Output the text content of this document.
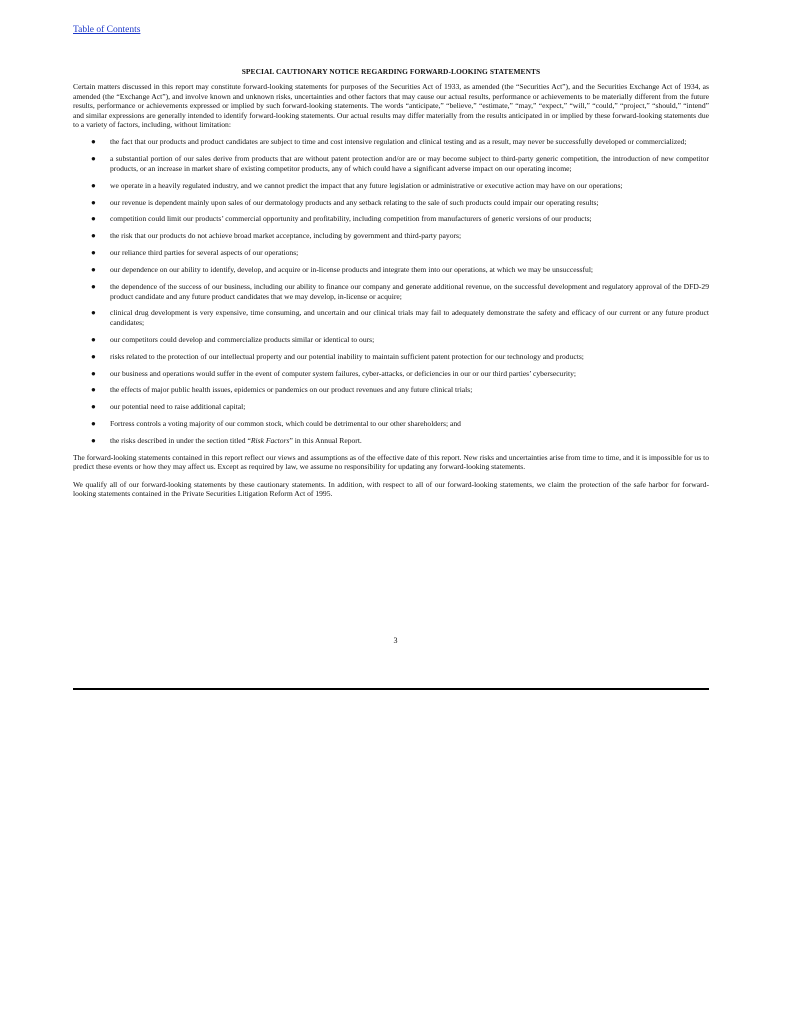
Table of Contents

SPECIAL CAUTIONARY NOTICE REGARDING FORWARD-LOOKING STATEMENTS

Certain matters discussed in this report may constitute forward-looking statements for purposes of the Securities Act of 1933, as amended (the “Securities Act”), and the Securities Exchange Act of 1934, as amended (the “Exchange Act”), and involve known and unknown risks, uncertainties and other factors that may cause our actual results, performance or achievements to be materially different from the future results, performance or achievements expressed or implied by such forward-looking statements. The words “anticipate,” “believe,” “estimate,” “may,” “expect,” “will,” “could,” “project,” “should,” “intend” and similar expressions are generally intended to identify forward-looking statements. Our actual results may differ materially from the results anticipated in or implied by these forward-looking statements due to a variety of factors, including, without limitation:

● the fact that our products and product candidates are subject to time and cost intensive regulation and clinical testing and as a result, may never be successfully developed or commercialized;
● a substantial portion of our sales derive from products that are without patent protection and/or are or may become subject to third-party generic competition, the introduction of new competitor products, or an increase in market share of existing competitor products, any of which could have a significant adverse impact on our operating income;
● we operate in a heavily regulated industry, and we cannot predict the impact that any future legislation or administrative or executive action may have on our operations;
● our revenue is dependent mainly upon sales of our dermatology products and any setback relating to the sale of such products could impair our operating results;
● competition could limit our products’ commercial opportunity and profitability, including competition from manufacturers of generic versions of our products;
● the risk that our products do not achieve broad market acceptance, including by government and third-party payors;
● our reliance third parties for several aspects of our operations;
● our dependence on our ability to identify, develop, and acquire or in-license products and integrate them into our operations, at which we may be unsuccessful;
● the dependence of the success of our business, including our ability to finance our company and generate additional revenue, on the successful development and regulatory approval of the DFD-29 product candidate and any future product candidates that we may develop, in-license or acquire;
● clinical drug development is very expensive, time consuming, and uncertain and our clinical trials may fail to adequately demonstrate the safety and efficacy of our current or any future product candidates;
● our competitors could develop and commercialize products similar or identical to ours;
● risks related to the protection of our intellectual property and our potential inability to maintain sufficient patent protection for our technology and products;
● our business and operations would suffer in the event of computer system failures, cyber-attacks, or deficiencies in our or our third parties’ cybersecurity;
● the effects of major public health issues, epidemics or pandemics on our product revenues and any future clinical trials;
● our potential need to raise additional capital;
● Fortress controls a voting majority of our common stock, which could be detrimental to our other shareholders; and
● the risks described in under the section titled “Risk Factors” in this Annual Report.

The forward-looking statements contained in this report reflect our views and assumptions as of the effective date of this report. New risks and uncertainties arise from time to time, and it is impossible for us to predict these events or how they may affect us. Except as required by law, we assume no responsibility for updating any forward-looking statements.

We qualify all of our forward-looking statements by these cautionary statements. In addition, with respect to all of our forward-looking statements, we claim the protection of the safe harbor for forward-looking statements contained in the Private Securities Litigation Reform Act of 1995.

3
